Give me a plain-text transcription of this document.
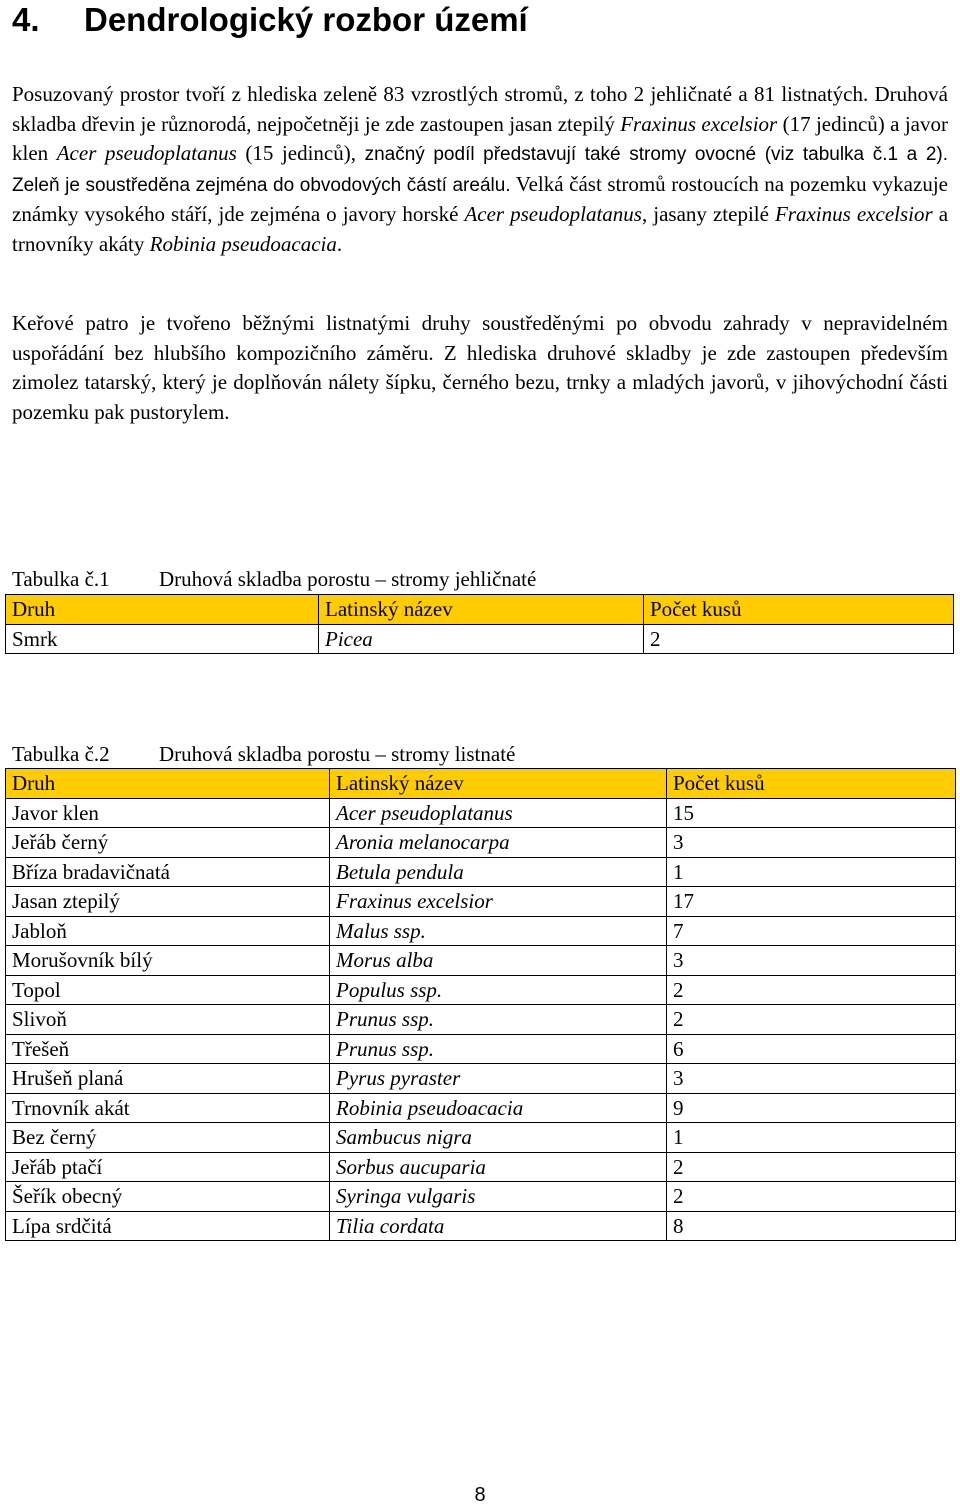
4. Dendrologický rozbor území

Posuzovaný prostor tvoří z hlediska zeleně 83 vzrostlých stromů, z toho 2 jehličnaté a 81 listnatých. Druhová skladba dřevin je různorodá, nejpočetněji je zde zastoupen jasan ztepilý Fraxinus excelsior (17 jedinců) a javor klen Acer pseudoplatanus (15 jedinců), značný podíl představují také stromy ovocné (viz tabulka č.1 a 2). Zeleň je soustředěna zejména do obvodových částí areálu. Velká část stromů rostoucích na pozemku vykazuje známky vysokého stáří, jde zejména o javory horské Acer pseudoplatanus, jasany ztepilé Fraxinus excelsior a trnovníky akáty Robinia pseudoacacia.

Keřové patro je tvořeno běžnými listnatými druhy soustředěnými po obvodu zahrady v nepravidelném uspořádání bez hlubšího kompozičního záměru. Z hlediska druhové skladby je zde zastoupen především zimolez tatarský, který je doplňován nálety šípku, černého bezu, trnky a mladých javorů, v jihovýchodní části pozemku pak pustorylem.

Tabulka č.1 Druhová skladba porostu – stromy jehličnaté
Druh	Latinský název	Počet kusů
Smrk	Picea	2
Tabulka č.2 Druhová skladba porostu – stromy listnaté
Druh	Latinský název	Počet kusů
Javor klen	Acer pseudoplatanus	15
Jeřáb černý	Aronia melanocarpa	3
Bříza bradavičnatá	Betula pendula	1
Jasan ztepilý	Fraxinus excelsior	17
Jabloň	Malus ssp.	7
Morušovník bílý	Morus alba	3
Topol	Populus ssp.	2
Slivoň	Prunus ssp.	2
Třešeň	Prunus ssp.	6
Hrušeň planá	Pyrus pyraster	3
Trnovník akát	Robinia pseudoacacia	9
Bez černý	Sambucus nigra	1
Jeřáb ptačí	Sorbus aucuparia	2
Šeřík obecný	Syringa vulgaris	2
Lípa srdčitá	Tilia cordata	8
8
